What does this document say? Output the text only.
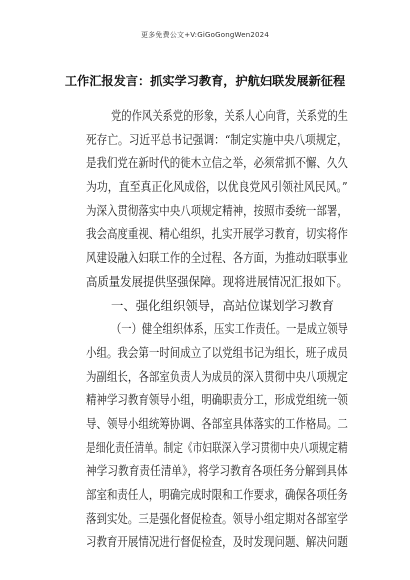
更多免费公文+V:GiGoGongWen2024
工作汇报发言：抓实学习教育，护航妇联发展新征程
党的作风关系党的形象，关系人心向背，关系党的生
死存亡。习近平总书记强调：“制定实施中央八项规定，
是我们党在新时代的徙木立信之举，必须常抓不懈、久久
为功，直至真正化风成俗，以优良党风引领社风民风。”
为深入贯彻落实中央八项规定精神，按照市委统一部署，
我会高度重视、精心组织，扎实开展学习教育，切实将作
风建设融入妇联工作的全过程、各方面，为推动妇联事业
高质量发展提供坚强保障。现将进展情况汇报如下。
一、强化组织领导，高站位谋划学习教育
（一）健全组织体系，压实工作责任。一是成立领导
小组。我会第一时间成立了以党组书记为组长，班子成员
为副组长，各部室负责人为成员的深入贯彻中央八项规定
精神学习教育领导小组，明确职责分工，形成党组统一领
导、领导小组统筹协调、各部室具体落实的工作格局。二
是细化责任清单。制定《市妇联深入学习贯彻中央八项规定精
神学习教育责任清单》，将学习教育各项任务分解到具体
部室和责任人，明确完成时限和工作要求，确保各项任务
落到实处。三是强化督促检查。领导小组定期对各部室学
习教育开展情况进行督促检查，及时发现问题、解决问题
